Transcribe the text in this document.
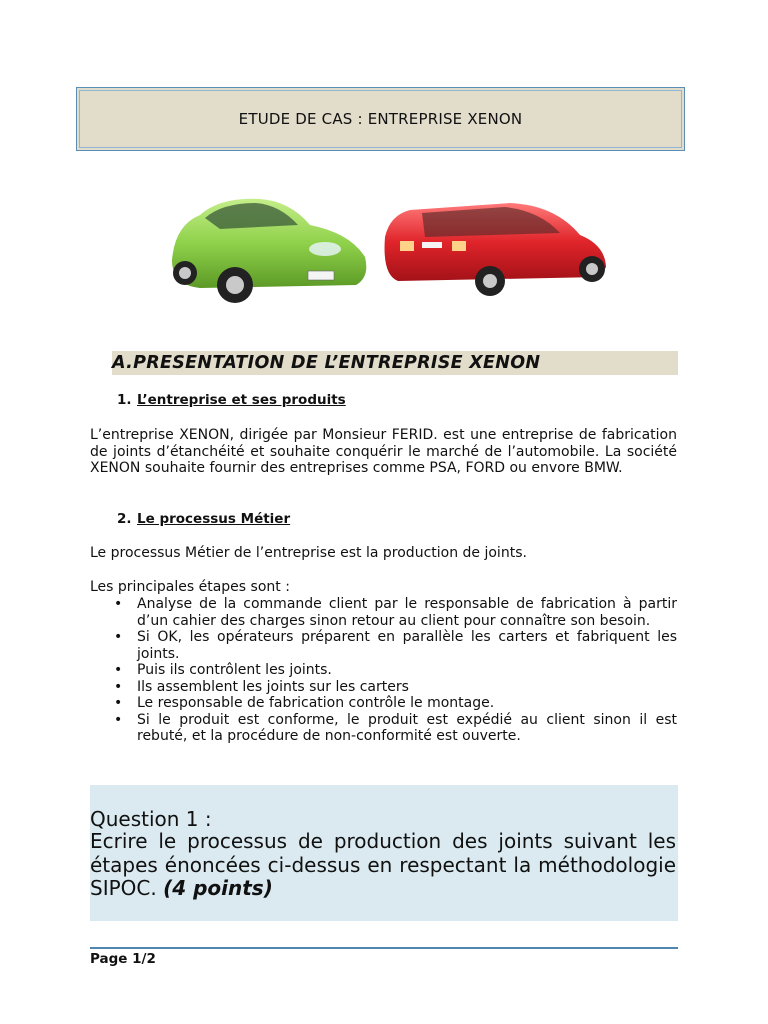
ETUDE DE CAS : ENTREPRISE XENON
A.PRESENTATION DE L’ENTREPRISE XENON
1. L’entreprise et ses produits
L’entreprise XENON, dirigée par Monsieur FERID. est une entreprise de fabrication de joints d’étanchéité et souhaite conquérir le marché de l’automobile. La société XENON souhaite fournir des entreprises comme PSA, FORD ou envore BMW.
2. Le processus Métier
Le processus Métier de l’entreprise est la production de joints.
Les principales étapes sont :
• Analyse de la commande client par le responsable de fabrication à partir d’un cahier des charges sinon retour au client pour connaître son besoin.
• Si OK, les opérateurs préparent en parallèle les carters et fabriquent les joints.
• Puis ils contrôlent les joints.
• Ils assemblent les joints sur les carters
• Le responsable de fabrication contrôle le montage.
• Si le produit est conforme, le produit est expédié au client sinon il est rebuté, et la procédure de non-conformité est ouverte.
Question 1 :
Ecrire le processus de production des joints suivant les étapes énoncées ci-dessus en respectant la méthodologie SIPOC. (4 points)
Page 1/2
